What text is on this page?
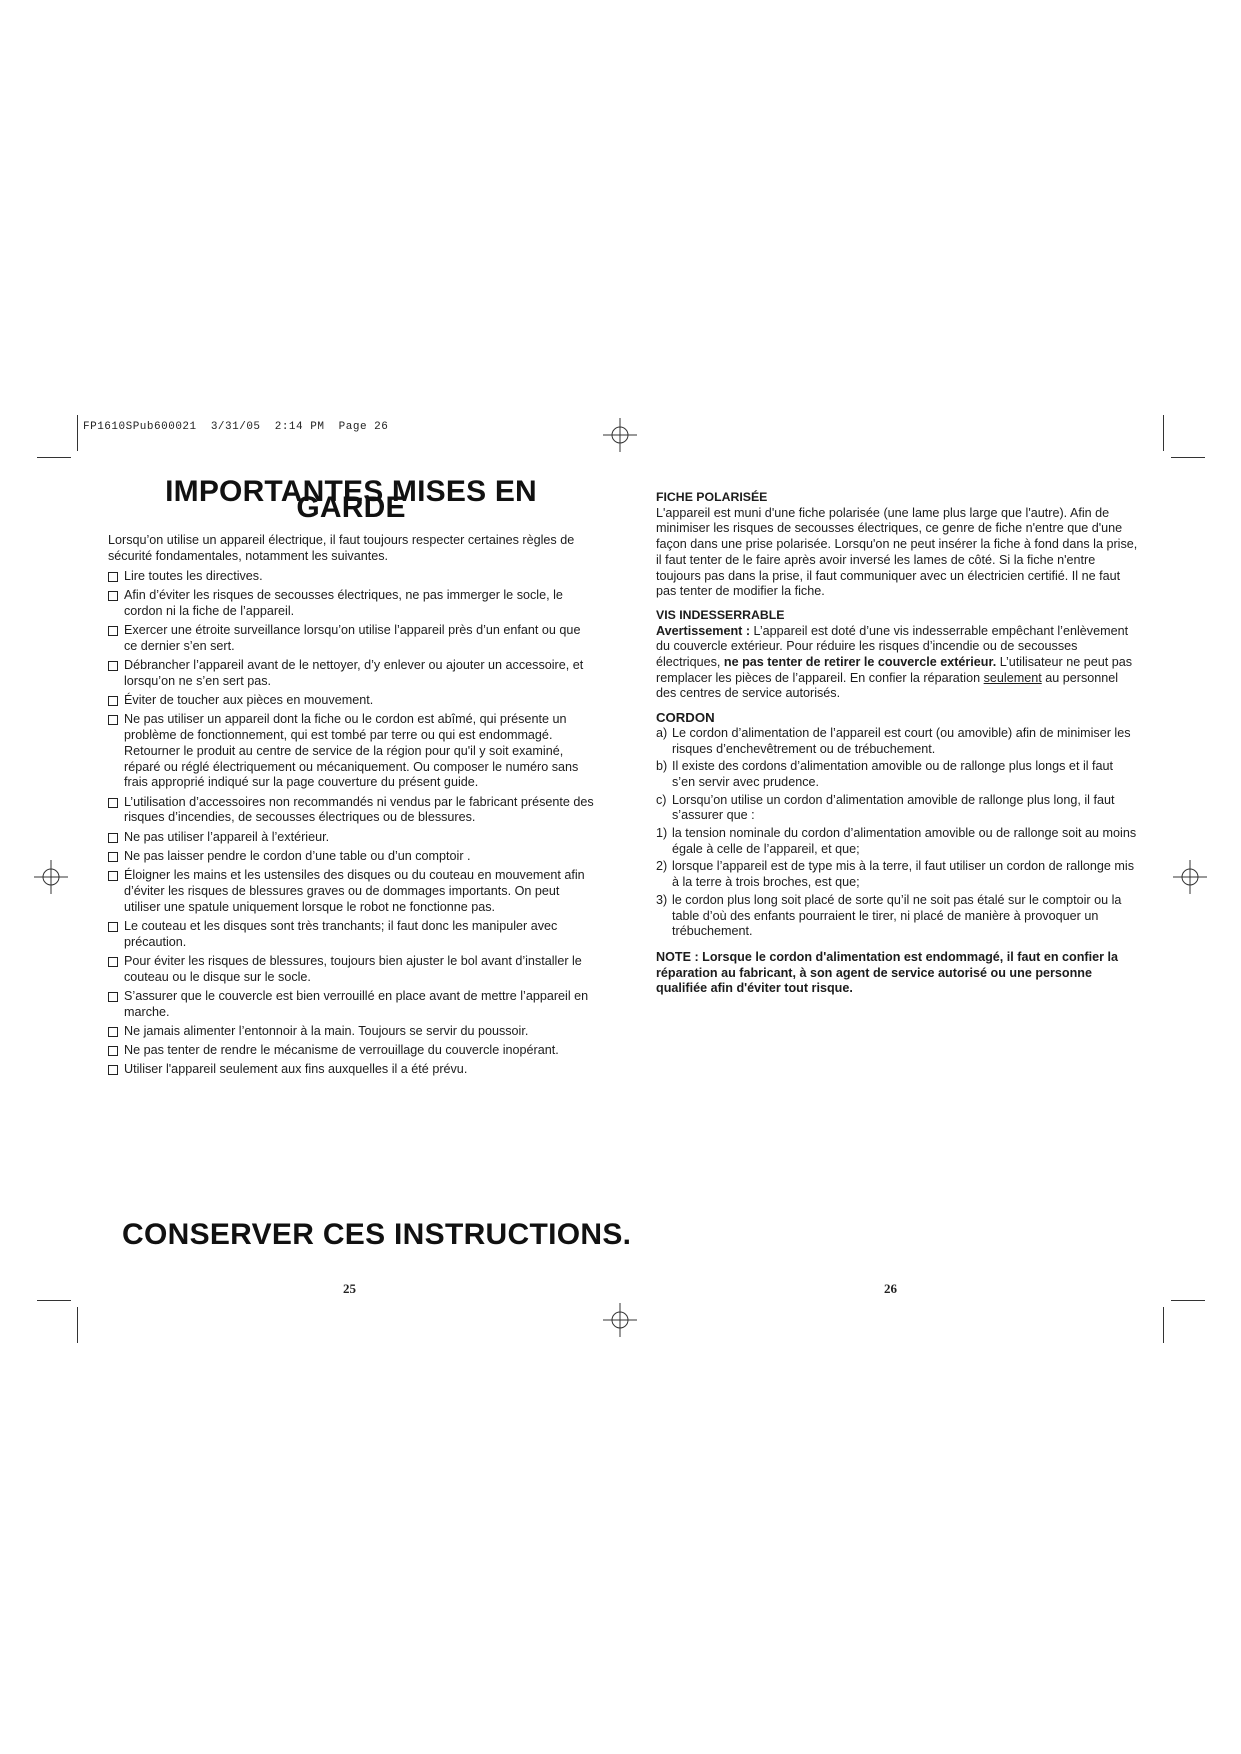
FP1610SPub600021  3/31/05  2:14 PM  Page 26
IMPORTANTES MISES EN GARDE

Lorsqu’on utilise un appareil électrique, il faut toujours respecter certaines règles de sécurité fondamentales, notamment les suivantes.

Lire toutes les directives.
Afin d’éviter les risques de secousses électriques, ne pas immerger le socle, le cordon ni la fiche de l’appareil.
Exercer une étroite surveillance lorsqu’on utilise l’appareil près d’un enfant ou que ce dernier s’en sert.
Débrancher l’appareil avant de le nettoyer, d’y enlever ou ajouter un accessoire, et lorsqu’on ne s’en sert pas.
Éviter de toucher aux pièces en mouvement.
Ne pas utiliser un appareil dont la fiche ou le cordon est abîmé, qui présente un problème de fonctionnement, qui est tombé par terre ou qui est endommagé. Retourner le produit au centre de service de la région pour qu'il y soit examiné, réparé ou réglé électriquement ou mécaniquement. Ou composer le numéro sans frais approprié indiqué sur la page couverture du présent guide.
L’utilisation d’accessoires non recommandés ni vendus par le fabricant présente des risques d’incendies, de secousses électriques ou de blessures.
Ne pas utiliser l’appareil à l’extérieur.
Ne pas laisser pendre le cordon d’une table ou d’un comptoir .
Éloigner les mains et les ustensiles des disques ou du couteau en mouvement afin d’éviter les risques de blessures graves ou de dommages importants. On peut utiliser une spatule uniquement lorsque le robot ne fonctionne pas.
Le couteau et les disques sont très tranchants; il faut donc les manipuler avec précaution.
Pour éviter les risques de blessures, toujours bien ajuster le bol avant d’installer le couteau ou le disque sur le socle.
S’assurer que le couvercle est bien verrouillé en place avant de mettre l’appareil en marche.
Ne jamais alimenter l’entonnoir à la main. Toujours se servir du poussoir.
Ne pas tenter de rendre le mécanisme de verrouillage du couvercle inopérant.
Utiliser l'appareil seulement aux fins auxquelles il a été prévu.
CONSERVER CES INSTRUCTIONS.
25
FICHE POLARISÉE

L'appareil est muni d'une fiche polarisée (une lame plus large que l'autre). Afin de minimiser les risques de secousses électriques, ce genre de fiche n'entre que d'une façon dans une prise polarisée. Lorsqu'on ne peut insérer la fiche à fond dans la prise, il faut tenter de le faire après avoir inversé les lames de côté. Si la fiche n'entre toujours pas dans la prise, il faut communiquer avec un électricien certifié. Il ne faut pas tenter de modifier la fiche.

VIS INDESSERRABLE

Avertissement : L’appareil est doté d’une vis indesserrable empêchant l’enlèvement du couvercle extérieur. Pour réduire les risques d’incendie ou de secousses électriques, ne pas tenter de retirer le couvercle extérieur. L’utilisateur ne peut pas remplacer les pièces de l’appareil. En confier la réparation seulement au personnel des centres de service autorisés.

CORDON
a) Le cordon d’alimentation de l’appareil est court (ou amovible) afin de minimiser les risques d’enchevêtrement ou de trébuchement.
b) Il existe des cordons d’alimentation amovible ou de rallonge plus longs et il faut s’en servir avec prudence.
c) Lorsqu’on utilise un cordon d’alimentation amovible de rallonge plus long, il faut s’assurer que :
1) la tension nominale du cordon d’alimentation amovible ou de rallonge soit au moins égale à celle de l’appareil, et que;
2) lorsque l’appareil est de type mis à la terre, il faut utiliser un cordon de rallonge mis à la terre à trois broches, est que;
3) le cordon plus long soit placé de sorte qu’il ne soit pas étalé sur le comptoir ou la table d’où des enfants pourraient le tirer, ni placé de manière à provoquer un trébuchement.

NOTE : Lorsque le cordon d'alimentation est endommagé, il faut en confier la réparation au fabricant, à son agent de service autorisé ou une personne qualifiée afin d'éviter tout risque.

26
